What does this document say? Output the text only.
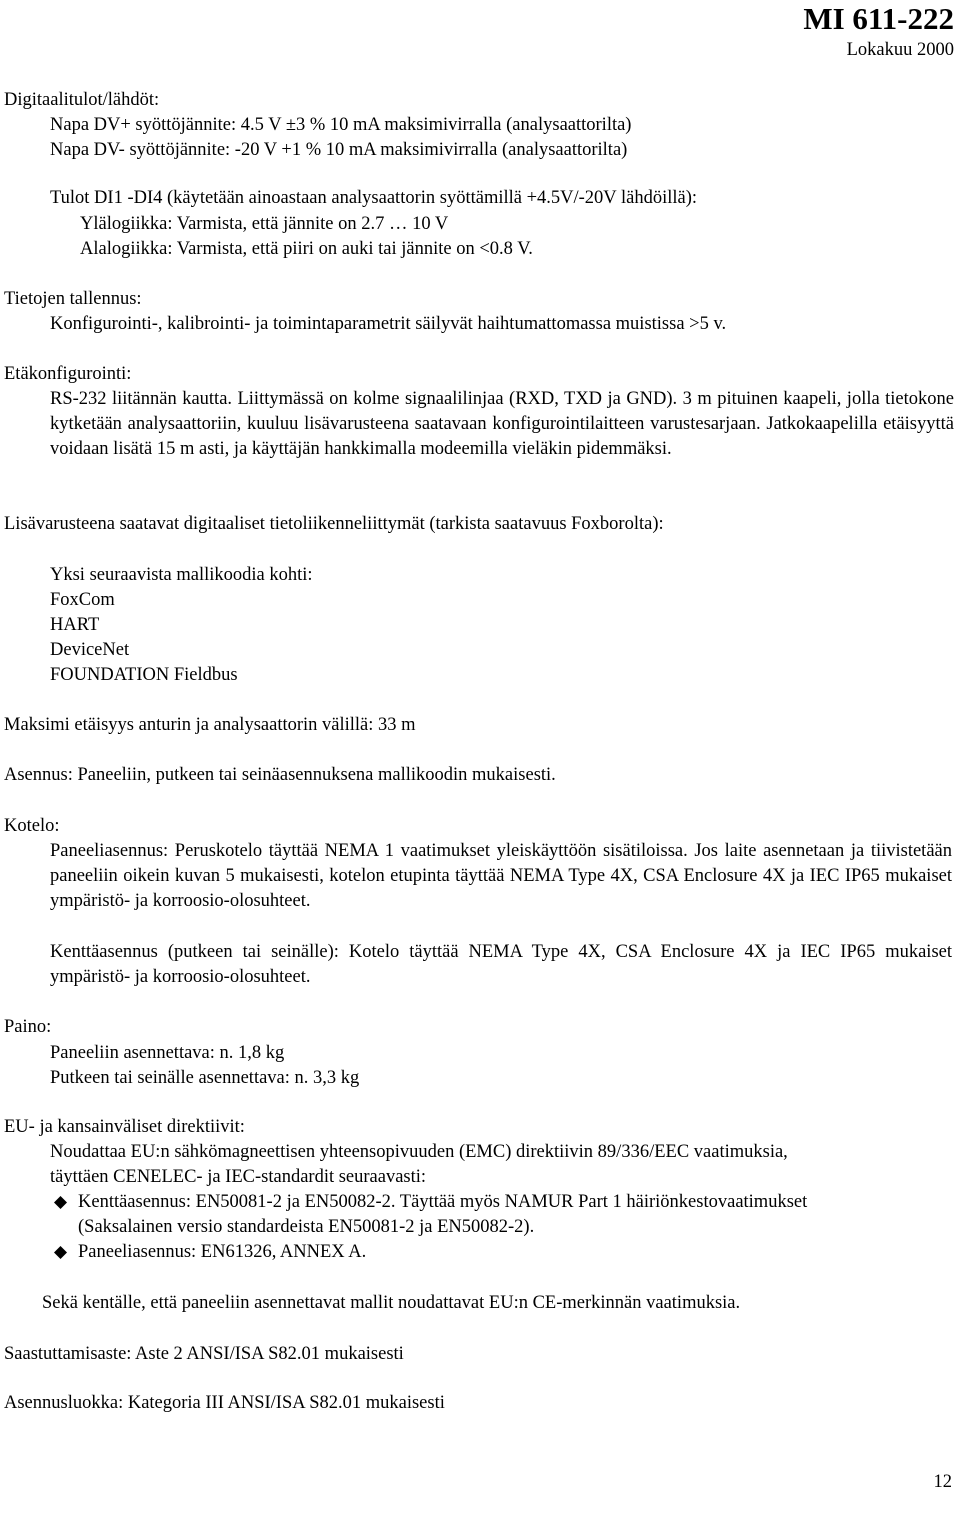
MI 611-222
Lokakuu 2000
Digitaalitulot/lähdöt:
Napa DV+ syöttöjännite: 4.5 V ±3 % 10 mA maksimivirralla (analysaattorilta)
Napa DV- syöttöjännite: -20 V +1 % 10 mA maksimivirralla (analysaattorilta)
Tulot DI1 -DI4 (käytetään ainoastaan analysaattorin syöttämillä +4.5V/-20V lähdöillä):
Ylälogiikka: Varmista, että jännite on 2.7 … 10 V
Alalogiikka: Varmista, että piiri on auki tai jännite on <0.8 V.
Tietojen tallennus:
Konfigurointi-, kalibrointi- ja toimintaparametrit säilyvät haihtumattomassa muistissa >5 v.
Etäkonfigurointi:
RS-232 liitännän kautta. Liittymässä on kolme signaalilinjaa (RXD, TXD ja GND). 3 m pituinen kaapeli, jolla tietokone kytketään analysaattoriin, kuuluu lisävarusteena saatavaan konfigurointilaitteen varustesarjaan. Jatkokaapelilla etäisyyttä voidaan lisätä 15 m asti, ja käyttäjän hankkimalla modeemilla vieläkin pidemmäksi.
Lisävarusteena saatavat digitaaliset tietoliikenneliittymät (tarkista saatavuus Foxborolta):
Yksi seuraavista mallikoodia kohti:
FoxCom
HART
DeviceNet
FOUNDATION Fieldbus
Maksimi etäisyys anturin ja analysaattorin välillä: 33 m
Asennus: Paneeliin, putkeen tai seinäasennuksena mallikoodin mukaisesti.
Kotelo:
Paneeliasennus: Peruskotelo täyttää NEMA 1 vaatimukset yleiskäyttöön sisätiloissa. Jos laite asennetaan ja tiivistetään paneeliin oikein kuvan 5 mukaisesti, kotelon etupinta täyttää NEMA Type 4X, CSA Enclosure 4X ja IEC IP65 mukaiset ympäristö- ja korroosio-olosuhteet.
Kenttäasennus (putkeen tai seinälle): Kotelo täyttää NEMA Type 4X, CSA Enclosure 4X ja IEC IP65 mukaiset ympäristö- ja korroosio-olosuhteet.
Paino:
Paneeliin asennettava: n. 1,8 kg
Putkeen tai seinälle asennettava: n. 3,3 kg
EU- ja kansainväliset direktiivit:
Noudattaa EU:n sähkömagneettisen yhteensopivuuden (EMC) direktiivin 89/336/EEC vaatimuksia,
täyttäen CENELEC- ja IEC-standardit seuraavasti:
Kenttäasennus: EN50081-2 ja EN50082-2. Täyttää myös NAMUR Part 1 häiriönkestovaatimukset
(Saksalainen versio standardeista EN50081-2 ja EN50082-2).
Paneeliasennus: EN61326, ANNEX A.
Sekä kentälle, että paneeliin asennettavat mallit noudattavat EU:n CE-merkinnän vaatimuksia.
Saastuttamisaste: Aste 2 ANSI/ISA S82.01 mukaisesti
Asennusluokka: Kategoria III ANSI/ISA S82.01 mukaisesti
12
